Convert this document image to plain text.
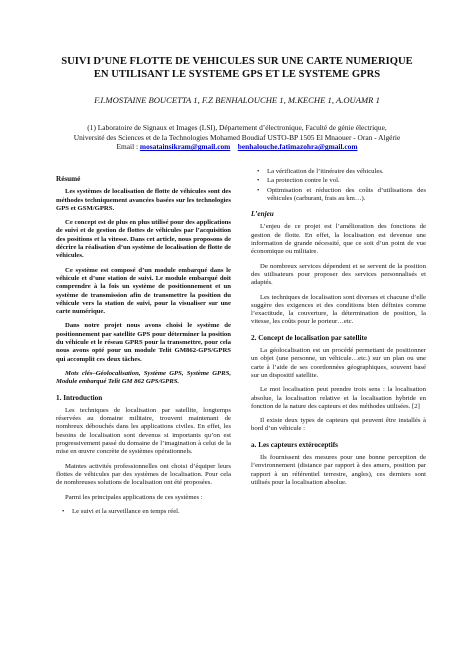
SUIVI D’UNE FLOTTE DE VEHICULES SUR UNE CARTE NUMERIQUE
EN UTILISANT LE SYSTEME GPS ET LE SYSTEME GPRS
F.I.MOSTAINE BOUCETTA 1, F.Z BENHALOUCHE 1, M.KECHE 1, A.OUAMR 1
(1) Laboratoire de Signaux et Images (LSI), Département d’électronique, Faculté de génie électrique,
Université des Sciences et de la Technologies Mohamed Boudiaf USTO-BP 1505 El Mnaouer - Oran - Algérie
Email : mosatainsikram@gmail.com benhalouche.fatimazohra@gmail.com
Résumé

Les systèmes de localisation de flotte de véhicules sont des méthodes techniquement avancées basées sur les technologies GPS et GSM/GPRS.

Ce concept est de plus en plus utilisé pour des applications de suivi et de gestion de flottes de véhicules par l’acquisition des positions et la vitesse. Dans cet article, nous proposons de décrire la réalisation d’un système de localisation de flotte de véhicules.

Ce système est composé d’un module embarqué dans le véhicule et d’une station de suivi. Le module embarqué doit comprendre à la fois un système de positionnement et un système de transmission afin de transmettre la position du véhicule vers la station de suivi, pour la visualiser sur une carte numérique.

Dans notre projet nous avons choisi le système de positionnement par satellite GPS pour déterminer la position du véhicule et le réseau GPRS pour la transmettre, pour cela nous avons opté pour un module Telit GM862-GPS/GPRS qui accomplit ces deux tâches.

Mots clés–Géolocalisation, Système GPS, Système GPRS, Module embarqué Telit GM 862 GPS/GPRS.

1. Introduction

Les techniques de localisation par satellite, longtemps réservées au domaine militaire, trouvent maintenant de nombreux débouchés dans les applications civiles. En effet, les besoins de localisation sont devenus si importants qu’on est progressivement passé du domaine de l’imagination à celui de la mise en œuvre concrète de systèmes opérationnels.

Maintes activités professionnelles ont choisi d’équiper leurs flottes de véhicules par des systèmes de localisation. Pour cela de nombreuses solutions de localisation ont été proposées.

Parmi les principales applications de ces systèmes :

• Le suivi et la surveillance en temps réel.
• La vérification de l’itinéraire des véhicules.
• La protection contre le vol.
• Optimisation et réduction des coûts d’utilisations des véhicules (carburant, frais au km…).
L’enjeu

L’enjeu de ce projet est l’amélioration des fonctions de gestion de flotte. En effet, la localisation est devenue une information de grande nécessité, que ce soit d’un point de vue économique ou militaire.

De nombreux services dépendent et se servent de la position des utilisateurs pour proposer des services personnalisés et adaptés.

Les techniques de localisation sont diverses et chacune d’elle suggère des exigences et des conditions bien définies comme l’exactitude, la couverture, la détermination de position, la vitesse, les coûts pour le porteur…etc.

2. Concept de localisation par satellite

La géolocalisation est un procédé permettant de positionner un objet (une personne, un véhicule…etc.) sur un plan ou une carte à l’aide de ses coordonnées géographiques, souvent basé sur un dispositif satellite.

Le mot localisation peut prendre trois sens : la localisation absolue, la localisation relative et la localisation hybride en fonction de la nature des capteurs et des méthodes utilisées. [2]

Il existe deux types de capteurs qui peuvent être installés à bord d’un véhicule :

a. Les capteurs extéroceptifs

Ils fournissent des mesures pour une bonne perception de l’environnement (distance par rapport à des amers, position par rapport à un référentiel terrestre, angles), ces derniers sont utilisés pour la localisation absolue.
